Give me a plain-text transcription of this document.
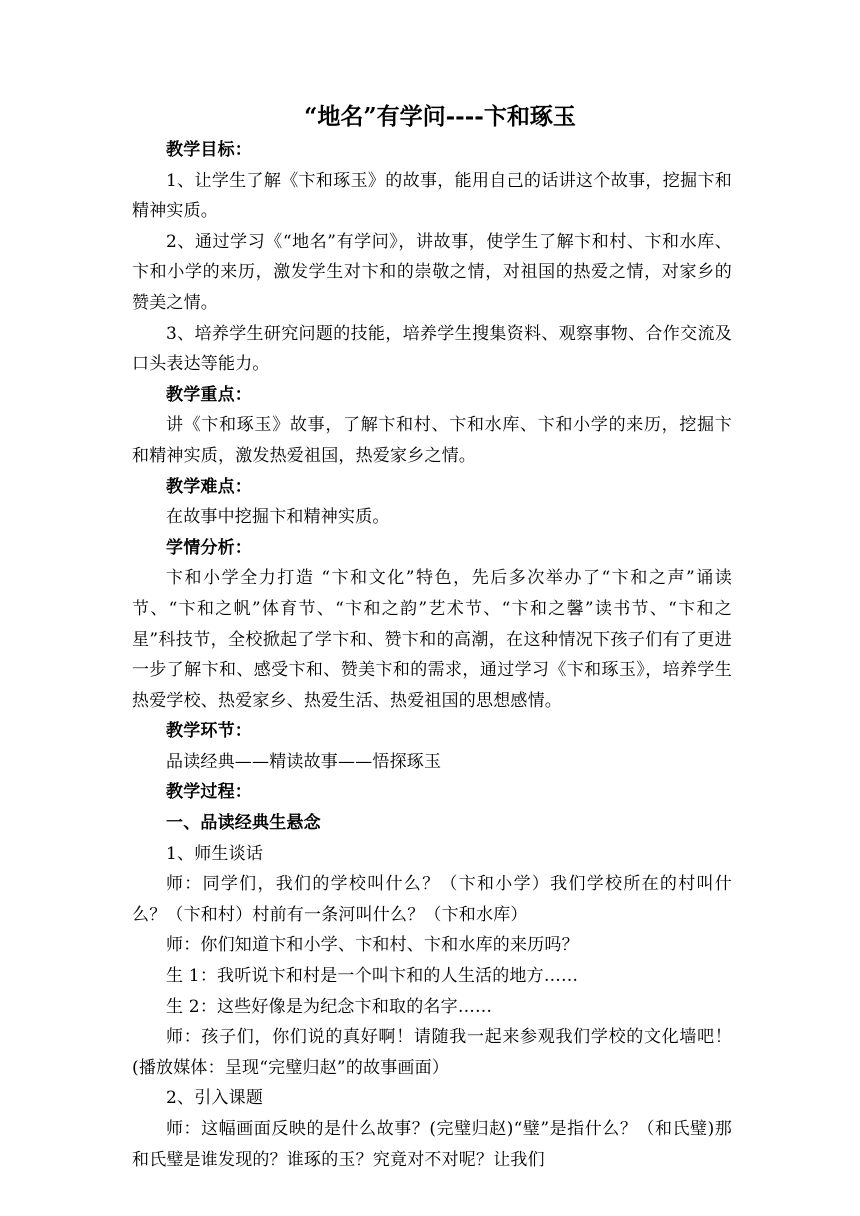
“地名”有学问----卞和琢玉

教学目标：

1、让学生了解《卞和琢玉》的故事，能用自己的话讲这个故事，挖掘卞和精神实质。

2、通过学习《“地名”有学问》，讲故事，使学生了解卞和村、卞和水库、卞和小学的来历，激发学生对卞和的崇敬之情，对祖国的热爱之情，对家乡的赞美之情。

3、培养学生研究问题的技能，培养学生搜集资料、观察事物、合作交流及口头表达等能力。

教学重点：

讲《卞和琢玉》故事，了解卞和村、卞和水库、卞和小学的来历，挖掘卞和精神实质，激发热爱祖国，热爱家乡之情。

教学难点：

在故事中挖掘卞和精神实质。

学情分析：

卞和小学全力打造 “卞和文化”特色，先后多次举办了“卞和之声”诵读节、“卞和之帆”体育节、“卞和之韵”艺术节、“卞和之馨”读书节、“卞和之星”科技节，全校掀起了学卞和、赞卞和的高潮，在这种情况下孩子们有了更进一步了解卞和、感受卞和、赞美卞和的需求，通过学习《卞和琢玉》，培养学生热爱学校、热爱家乡、热爱生活、热爱祖国的思想感情。

教学环节：

品读经典——精读故事——悟探琢玉

教学过程：

一、品读经典生悬念

1、师生谈话

师：同学们，我们的学校叫什么？（卞和小学）我们学校所在的村叫什么？（卞和村）村前有一条河叫什么？（卞和水库）

师：你们知道卞和小学、卞和村、卞和水库的来历吗？

生 1：我听说卞和村是一个叫卞和的人生活的地方……

生 2：这些好像是为纪念卞和取的名字……

师：孩子们，你们说的真好啊！请随我一起来参观我们学校的文化墙吧！(播放媒体：呈现“完璧归赵”的故事画面）

2、引入课题

师：这幅画面反映的是什么故事？(完璧归赵)“璧”是指什么？（和氏璧)那和氏璧是谁发现的？谁琢的玉？究竟对不对呢？让我们
